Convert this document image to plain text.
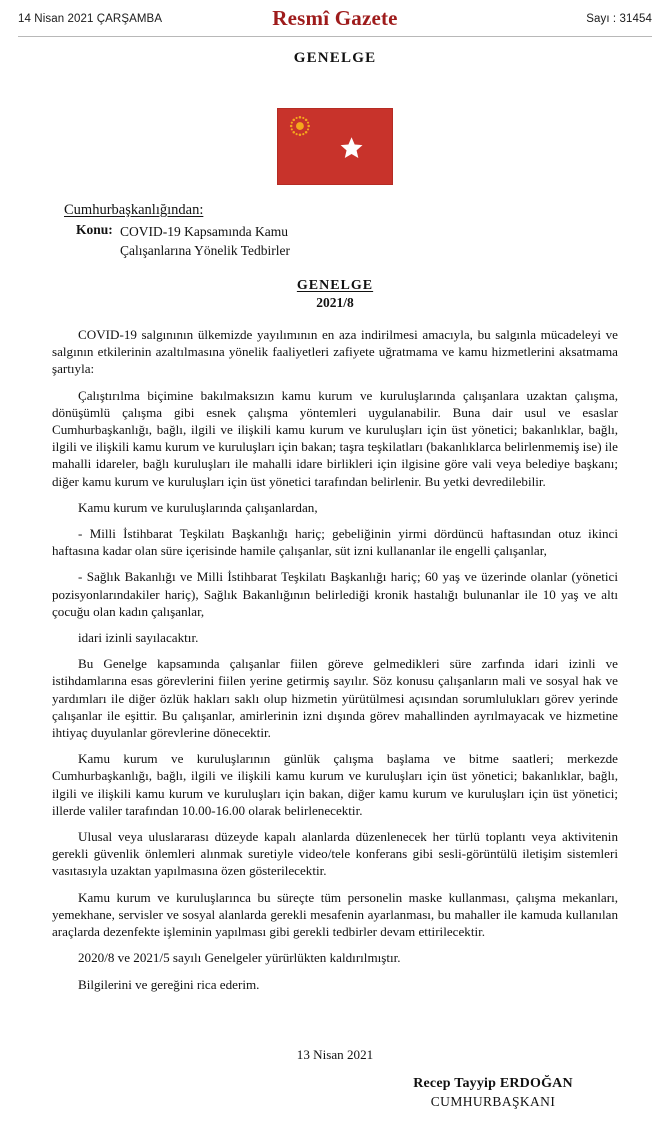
14 Nisan 2021 ÇARŞAMBA	Resmî Gazete	Sayı : 31454
GENELGE
Cumhurbaşkanlığından:
Konu: COVID-19 Kapsamında Kamu
Çalışanlarına Yönelik Tedbirler
GENELGE
2021/8

COVID-19 salgınının ülkemizde yayılımının en aza indirilmesi amacıyla, bu salgınla mücadeleyi ve salgının etkilerinin azaltılmasına yönelik faaliyetleri zafiyete uğratmama ve kamu hizmetlerini aksatmama şartıyla:

Çalıştırılma biçimine bakılmaksızın kamu kurum ve kuruluşlarında çalışanlara uzaktan çalışma, dönüşümlü çalışma gibi esnek çalışma yöntemleri uygulanabilir. Buna dair usul ve esaslar Cumhurbaşkanlığı, bağlı, ilgili ve ilişkili kamu kurum ve kuruluşları için üst yönetici; bakanlıklar, bağlı, ilgili ve ilişkili kamu kurum ve kuruluşları için bakan; taşra teşkilatları (bakanlıklarca belirlenmemiş ise) ile mahalli idareler, bağlı kuruluşları ile mahalli idare birlikleri için ilgisine göre vali veya belediye başkanı; diğer kamu kurum ve kuruluşları için üst yönetici tarafından belirlenir. Bu yetki devredilebilir.

Kamu kurum ve kuruluşlarında çalışanlardan,

- Milli İstihbarat Teşkilatı Başkanlığı hariç; gebeliğinin yirmi dördüncü haftasından otuz ikinci haftasına kadar olan süre içerisinde hamile çalışanlar, süt izni kullananlar ile engelli çalışanlar,

- Sağlık Bakanlığı ve Milli İstihbarat Teşkilatı Başkanlığı hariç; 60 yaş ve üzerinde olanlar (yönetici pozisyonlarındakiler hariç), Sağlık Bakanlığının belirlediği kronik hastalığı bulunanlar ile 10 yaş ve altı çocuğu olan kadın çalışanlar,

idari izinli sayılacaktır.

Bu Genelge kapsamında çalışanlar fiilen göreve gelmedikleri süre zarfında idari izinli ve istihdamlarına esas görevlerini fiilen yerine getirmiş sayılır. Söz konusu çalışanların mali ve sosyal hak ve yardımları ile diğer özlük hakları saklı olup hizmetin yürütülmesi açısından sorumlulukları görev yerinde çalışanlar ile eşittir. Bu çalışanlar, amirlerinin izni dışında görev mahallinden ayrılmayacak ve hizmetine ihtiyaç duyulanlar görevlerine dönecektir.

Kamu kurum ve kuruluşlarının günlük çalışma başlama ve bitme saatleri; merkezde Cumhurbaşkanlığı, bağlı, ilgili ve ilişkili kamu kurum ve kuruluşları için üst yönetici; bakanlıklar, bağlı, ilgili ve ilişkili kamu kurum ve kuruluşları için bakan, diğer kamu kurum ve kuruluşları için üst yönetici; illerde valiler tarafından 10.00-16.00 olarak belirlenecektir.

Ulusal veya uluslararası düzeyde kapalı alanlarda düzenlenecek her türlü toplantı veya aktivitenin gerekli güvenlik önlemleri alınmak suretiyle video/tele konferans gibi sesli-görüntülü iletişim sistemleri vasıtasıyla uzaktan yapılmasına özen gösterilecektir.

Kamu kurum ve kuruluşlarınca bu süreçte tüm personelin maske kullanması, çalışma mekanları, yemekhane, servisler ve sosyal alanlarda gerekli mesafenin ayarlanması, bu mahaller ile kamuda kullanılan araçlarda dezenfekte işleminin yapılması gibi gerekli tedbirler devam ettirilecektir.

2020/8 ve 2021/5 sayılı Genelgeler yürürlükten kaldırılmıştır.

Bilgilerini ve gereğini rica ederim.

13 Nisan 2021
Recep Tayyip ERDOĞAN
CUMHURBAŞKANI
